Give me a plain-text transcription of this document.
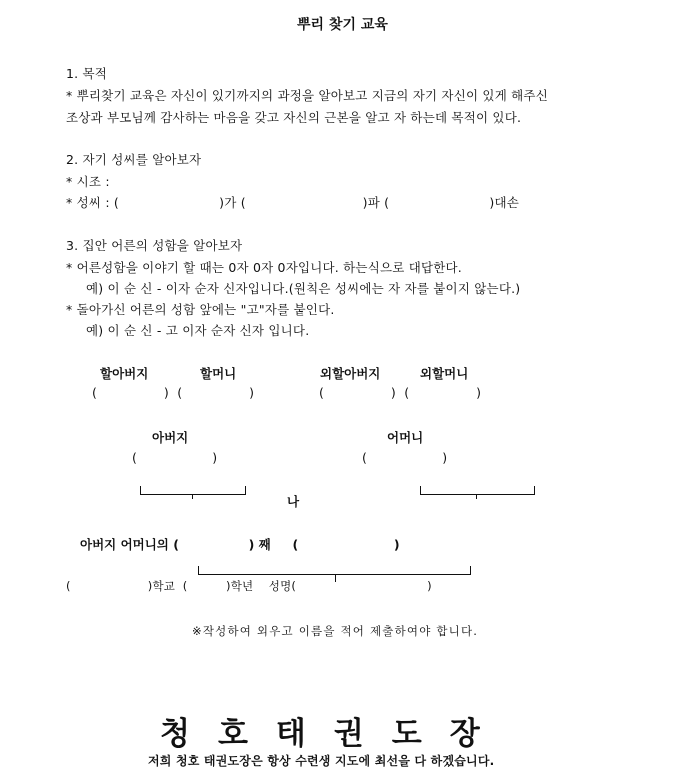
뿌리 찾기 교육
1. 목적
* 뿌리찾기 교육은 자신이 있기까지의 과정을 알아보고 지금의 자기 자신이 있게 해주신
조상과 부모님께 감사하는 마음을 갖고 자신의 근본을 알고 자 하는데 목적이 있다.
2. 자기 성씨를 알아보자
* 시조 :
* 성씨 : (                        )가 (                            )파 (                        )대손
3. 집안 어른의 성함을 알아보자
* 어른성함을 이야기 할 때는 0자 0자 0자입니다. 하는식으로 대답한다.
예) 이 순 신 - 이자 순자 신자입니다.(원칙은 성씨에는 자 자를 붙이지 않는다.)
* 돌아가신 어른의 성함 앞에는 "고"자를 붙인다.
예) 이 순 신 - 고 이자 순자 신자 입니다.
할아버지	할머니	외할아버지	외할머니
(                )  (                )	(                )  (                )
아버지	어머니
(                  )	(                  )
나
아버지 어머니의 (                ) 째     (                      )
(                    )학교  (          )학년    성명(                                  )
※작성하여 외우고 이름을 적어 제출하여야 합니다.
청호태권도장
저희 청호 태권도장은 항상 수련생 지도에 최선을 다 하겠습니다.
